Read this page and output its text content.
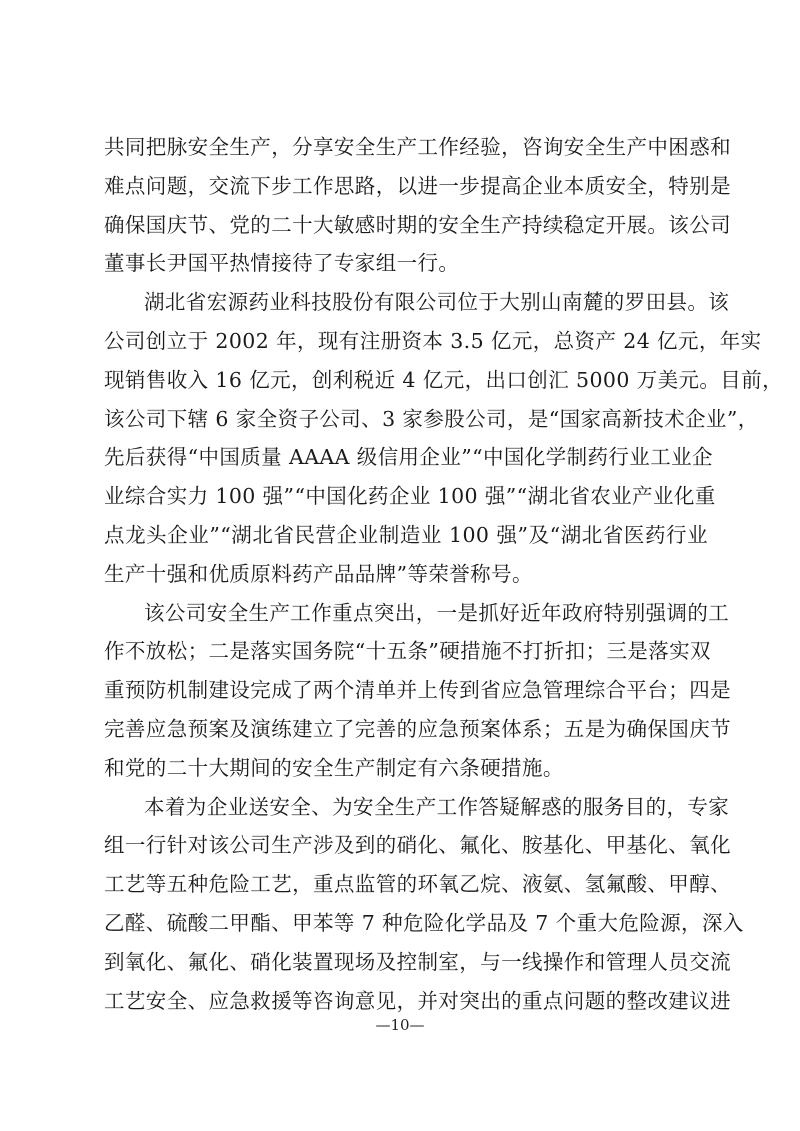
共同把脉安全生产，分享安全生产工作经验，咨询安全生产中困惑和
难点问题，交流下步工作思路，以进一步提高企业本质安全，特别是
确保国庆节、党的二十大敏感时期的安全生产持续稳定开展。该公司
董事长尹国平热情接待了专家组一行。
湖北省宏源药业科技股份有限公司位于大别山南麓的罗田县。该
公司创立于 2002 年，现有注册资本 3.5 亿元，总资产 24 亿元，年实
现销售收入 16 亿元，创利税近 4 亿元，出口创汇 5000 万美元。目前，
该公司下辖 6 家全资子公司、3 家参股公司，是“国家高新技术企业”，
先后获得“中国质量 AAAA 级信用企业”“中国化学制药行业工业企
业综合实力 100 强”“中国化药企业 100 强”“湖北省农业产业化重
点龙头企业”“湖北省民营企业制造业 100 强”及“湖北省医药行业
生产十强和优质原料药产品品牌”等荣誉称号。
该公司安全生产工作重点突出，一是抓好近年政府特别强调的工
作不放松；二是落实国务院“十五条”硬措施不打折扣；三是落实双
重预防机制建设完成了两个清单并上传到省应急管理综合平台；四是
完善应急预案及演练建立了完善的应急预案体系；五是为确保国庆节
和党的二十大期间的安全生产制定有六条硬措施。
本着为企业送安全、为安全生产工作答疑解惑的服务目的，专家
组一行针对该公司生产涉及到的硝化、氟化、胺基化、甲基化、氧化
工艺等五种危险工艺，重点监管的环氧乙烷、液氨、氢氟酸、甲醇、
乙醛、硫酸二甲酯、甲苯等 7 种危险化学品及 7 个重大危险源，深入
到氧化、氟化、硝化装置现场及控制室，与一线操作和管理人员交流
工艺安全、应急救援等咨询意见，并对突出的重点问题的整改建议进
—10—
